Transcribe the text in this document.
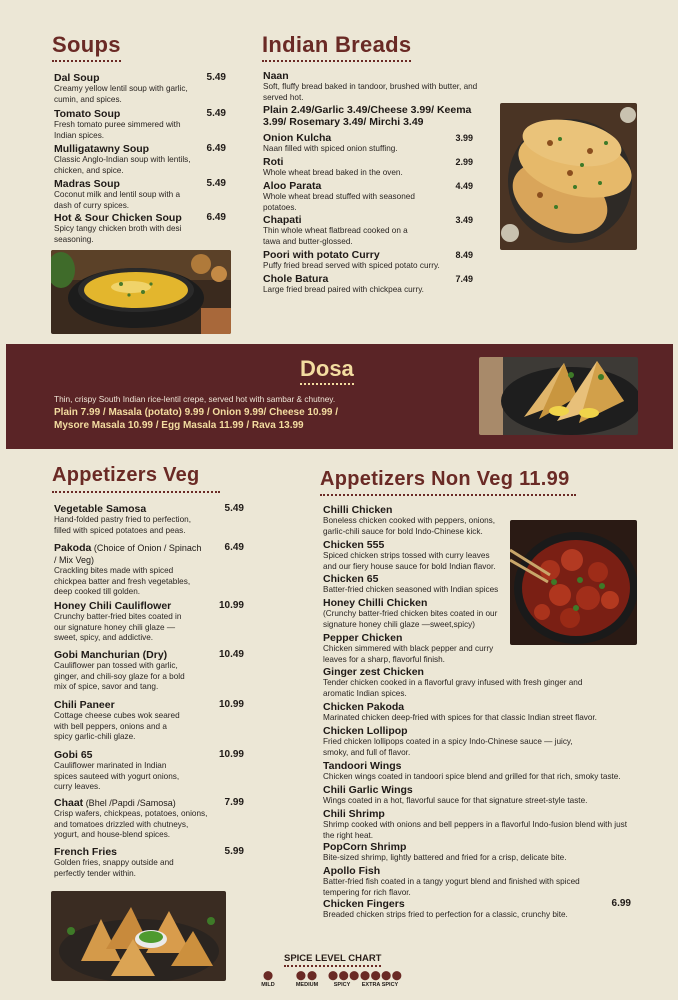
Soups
Dal Soup
Creamy yellow lentil soup with garlic, cumin, and spices.
5.49
Tomato Soup
Fresh tomato puree simmered with Indian spices.
5.49
Mulligatawny Soup
Classic Anglo-Indian soup with lentils, chicken, and spice.
6.49
Madras Soup
Coconut milk and lentil soup with a dash of curry spices.
5.49
Hot & Sour Chicken Soup
Spicy tangy chicken broth with desi seasoning.
6.49
Indian Breads
Naan
Soft, fluffy bread baked in tandoor, brushed with butter, and served hot.
Plain 2.49/Garlic 3.49/Cheese 3.99/ Keema 3.99/ Rosemary 3.49/ Mirchi 3.49
Onion Kulcha
Naan filled with spiced onion stuffing.
3.99
Roti
Whole wheat bread baked in the oven.
2.99
Aloo Parata
Whole wheat bread stuffed with seasoned potatoes.
4.49
Chapati
Thin whole wheat flatbread cooked on a tawa and butter-glossed.
3.49
Poori with potato Curry
Puffy fried bread served with spiced potato curry.
8.49
Chole Batura
Large fried bread paired with chickpea curry.
7.49
Dosa
Thin, crispy South Indian rice-lentil crepe, served hot with sambar & chutney.
Plain 7.99 / Masala (potato) 9.99 / Onion 9.99/ Cheese 10.99 /
Mysore Masala 10.99 / Egg Masala 11.99 / Rava 13.99
Appetizers Veg
Vegetable Samosa
Hand-folded pastry fried to perfection, filled with spiced potatoes and peas.
5.49
Pakoda (Choice of Onion / Spinach
/ Mix Veg)
Crackling bites made with spiced chickpea batter and fresh vegetables, deep cooked till golden.
6.49
Honey Chili Cauliflower
Crunchy batter-fried bites coated in our signature honey chili glaze — sweet, spicy, and addictive.
10.99
Gobi Manchurian (Dry)
Cauliflower pan tossed with garlic, ginger, and chili-soy glaze for a bold mix of spice, savor and tang.
10.49
Chili Paneer
Cottage cheese cubes wok seared with bell peppers, onions and a spicy garlic-chili glaze.
10.99
Gobi 65
Cauliflower marinated in Indian spices sauteed with yogurt onions, curry leaves.
10.99
Chaat (Bhel /Papdi /Samosa)
Crisp wafers, chickpeas, potatoes, onions, and tomatoes drizzled with chutneys, yogurt, and house-blend spices.
7.99
French Fries
Golden fries, snappy outside and perfectly tender within.
5.99
Appetizers Non Veg 11.99
Chilli Chicken
Boneless chicken cooked with peppers, onions, garlic-chili sauce for bold Indo-Chinese kick.
Chicken 555
Spiced chicken strips tossed with curry leaves and our fiery house sauce for bold Indian flavor.
Chicken 65
Batter-fried chicken seasoned with Indian spices
Honey Chilli Chicken
(Crunchy batter-fried chicken bites coated in our signature honey chili glaze —sweet,spicy)
Pepper Chicken
Chicken simmered with black pepper and curry leaves for a sharp, flavorful finish.
Ginger zest Chicken
Tender chicken cooked in a flavorful gravy infused with fresh ginger and aromatic Indian spices.
Chicken Pakoda
Marinated chicken deep-fried with spices for that classic Indian street flavor.
Chicken Lollipop
Fried chicken lollipops coated in a spicy Indo-Chinese sauce — juicy, smoky, and full of flavor.
Tandoori Wings
Chicken wings coated in tandoori spice blend and grilled for that rich, smoky taste.
Chili Garlic Wings
Wings coated in a hot, flavorful sauce for that signature street-style taste.
Chili Shrimp
Shrimp cooked with onions and bell peppers in a flavorful Indo-fusion blend with just the right heat.
PopCorn Shrimp
Bite-sized shrimp, lightly battered and fried for a crisp, delicate bite.
Apollo Fish
Batter-fried fish coated in a tangy yogurt blend and finished with spiced tempering for rich flavor.
Chicken Fingers
Breaded chicken strips fried to perfection for a classic, crunchy bite.
6.99
SPICE LEVEL CHART
⬤
MILD
⬤⬤
MEDIUM
⬤⬤⬤
SPICY
⬤⬤⬤⬤
EXTRA SPICY
